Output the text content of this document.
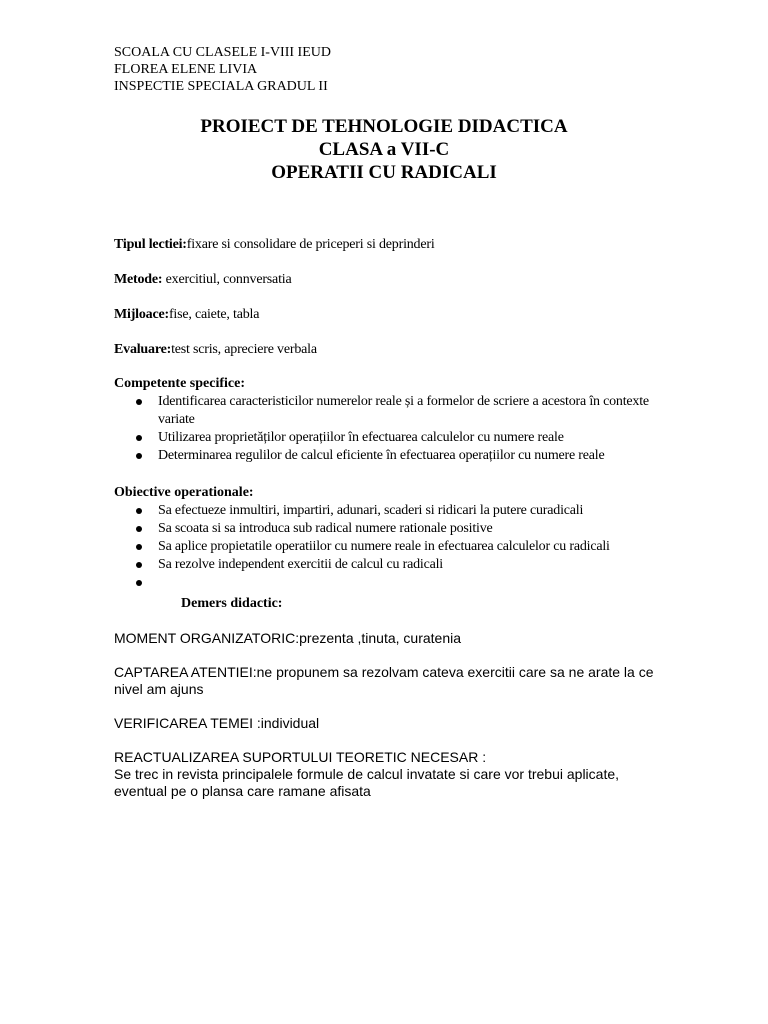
SCOALA CU CLASELE I-VIII IEUD
FLOREA ELENE LIVIA
INSPECTIE SPECIALA GRADUL II
PROIECT DE TEHNOLOGIE DIDACTICA
CLASA a VII-C
OPERATII CU RADICALI
Tipul lectiei:fixare si consolidare de priceperi si deprinderi
Metode: exercitiul, connversatia
Mijloace:fise, caiete, tabla
Evaluare:test scris, apreciere verbala
Competente specifice:
Identificarea caracteristicilor numerelor reale și a formelor de scriere a acestora în contexte variate
Utilizarea proprietăților operațiilor în efectuarea calculelor cu numere reale
Determinarea regulilor de calcul eficiente în efectuarea operațiilor cu numere reale
Obiective operationale:
Sa efectueze inmultiri, impartiri, adunari, scaderi si ridicari la putere curadicali
Sa scoata si sa introduca sub radical numere rationale positive
Sa aplice propietatile operatiilor cu numere reale in efectuarea calculelor cu radicali
Sa rezolve independent exercitii de calcul cu radicali

Demers didactic:
MOMENT ORGANIZATORIC:prezenta ,tinuta, curatenia
CAPTAREA ATENTIEI:ne propunem sa rezolvam cateva exercitii care sa ne arate la ce nivel am ajuns
VERIFICAREA TEMEI :individual
REACTUALIZAREA SUPORTULUI TEORETIC NECESAR :
Se trec in revista principalele formule de calcul invatate si care vor trebui aplicate, eventual pe o plansa care ramane afisata
